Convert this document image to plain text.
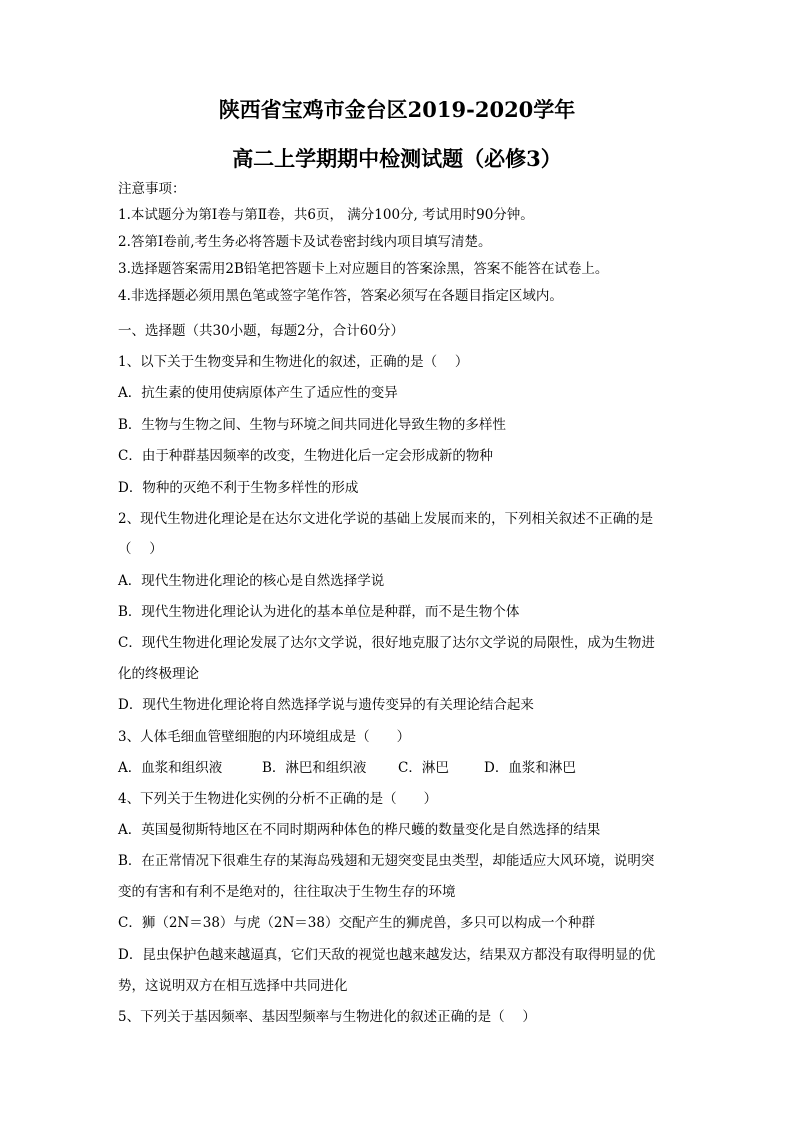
陕西省宝鸡市金台区2019-2020学年
高二上学期期中检测试题（必修3）
注意事项：
1.本试题分为第Ⅰ卷与第Ⅱ卷，共6页， 满分100分, 考试用时90分钟。
2.答第Ⅰ卷前,考生务必将答题卡及试卷密封线内项目填写清楚。
3.选择题答案需用2B铅笔把答题卡上对应题目的答案涂黑，答案不能答在试卷上。
4.非选择题必须用黑色笔或签字笔作答，答案必须写在各题目指定区域内。
一、选择题（共30小题，每题2分，合计60分）
1、以下关于生物变异和生物进化的叙述，正确的是（　 ）
A．抗生素的使用使病原体产生了适应性的变异
B．生物与生物之间、生物与环境之间共同进化导致生物的多样性
C．由于种群基因频率的改变，生物进化后一定会形成新的物种
D．物种的灭绝不利于生物多样性的形成
2、现代生物进化理论是在达尔文进化学说的基础上发展而来的，下列相关叙述不正确的是
（　 ）
A．现代生物进化理论的核心是自然选择学说
B．现代生物进化理论认为进化的基本单位是种群，而不是生物个体
C．现代生物进化理论发展了达尔文学说，很好地克服了达尔文学说的局限性，成为生物进
化的终极理论
D．现代生物进化理论将自然选择学说与遗传变异的有关理论结合起来
3、人体毛细血管壁细胞的内环境组成是（　　）
A．血浆和组织液	B．淋巴和组织液 C．淋巴	D．血浆和淋巴
4、下列关于生物进化实例的分析不正确的是（　　）
A．英国曼彻斯特地区在不同时期两种体色的桦尺蠖的数量变化是自然选择的结果
B．在正常情况下很难生存的某海岛残翅和无翅突变昆虫类型，却能适应大风环境，说明突
变的有害和有利不是绝对的，往往取决于生物生存的环境
C．狮（2N＝38）与虎（2N＝38）交配产生的狮虎兽，多只可以构成一个种群
D．昆虫保护色越来越逼真，它们天敌的视觉也越来越发达，结果双方都没有取得明显的优
势，这说明双方在相互选择中共同进化
5、下列关于基因频率、基因型频率与生物进化的叙述正确的是（　 ）
